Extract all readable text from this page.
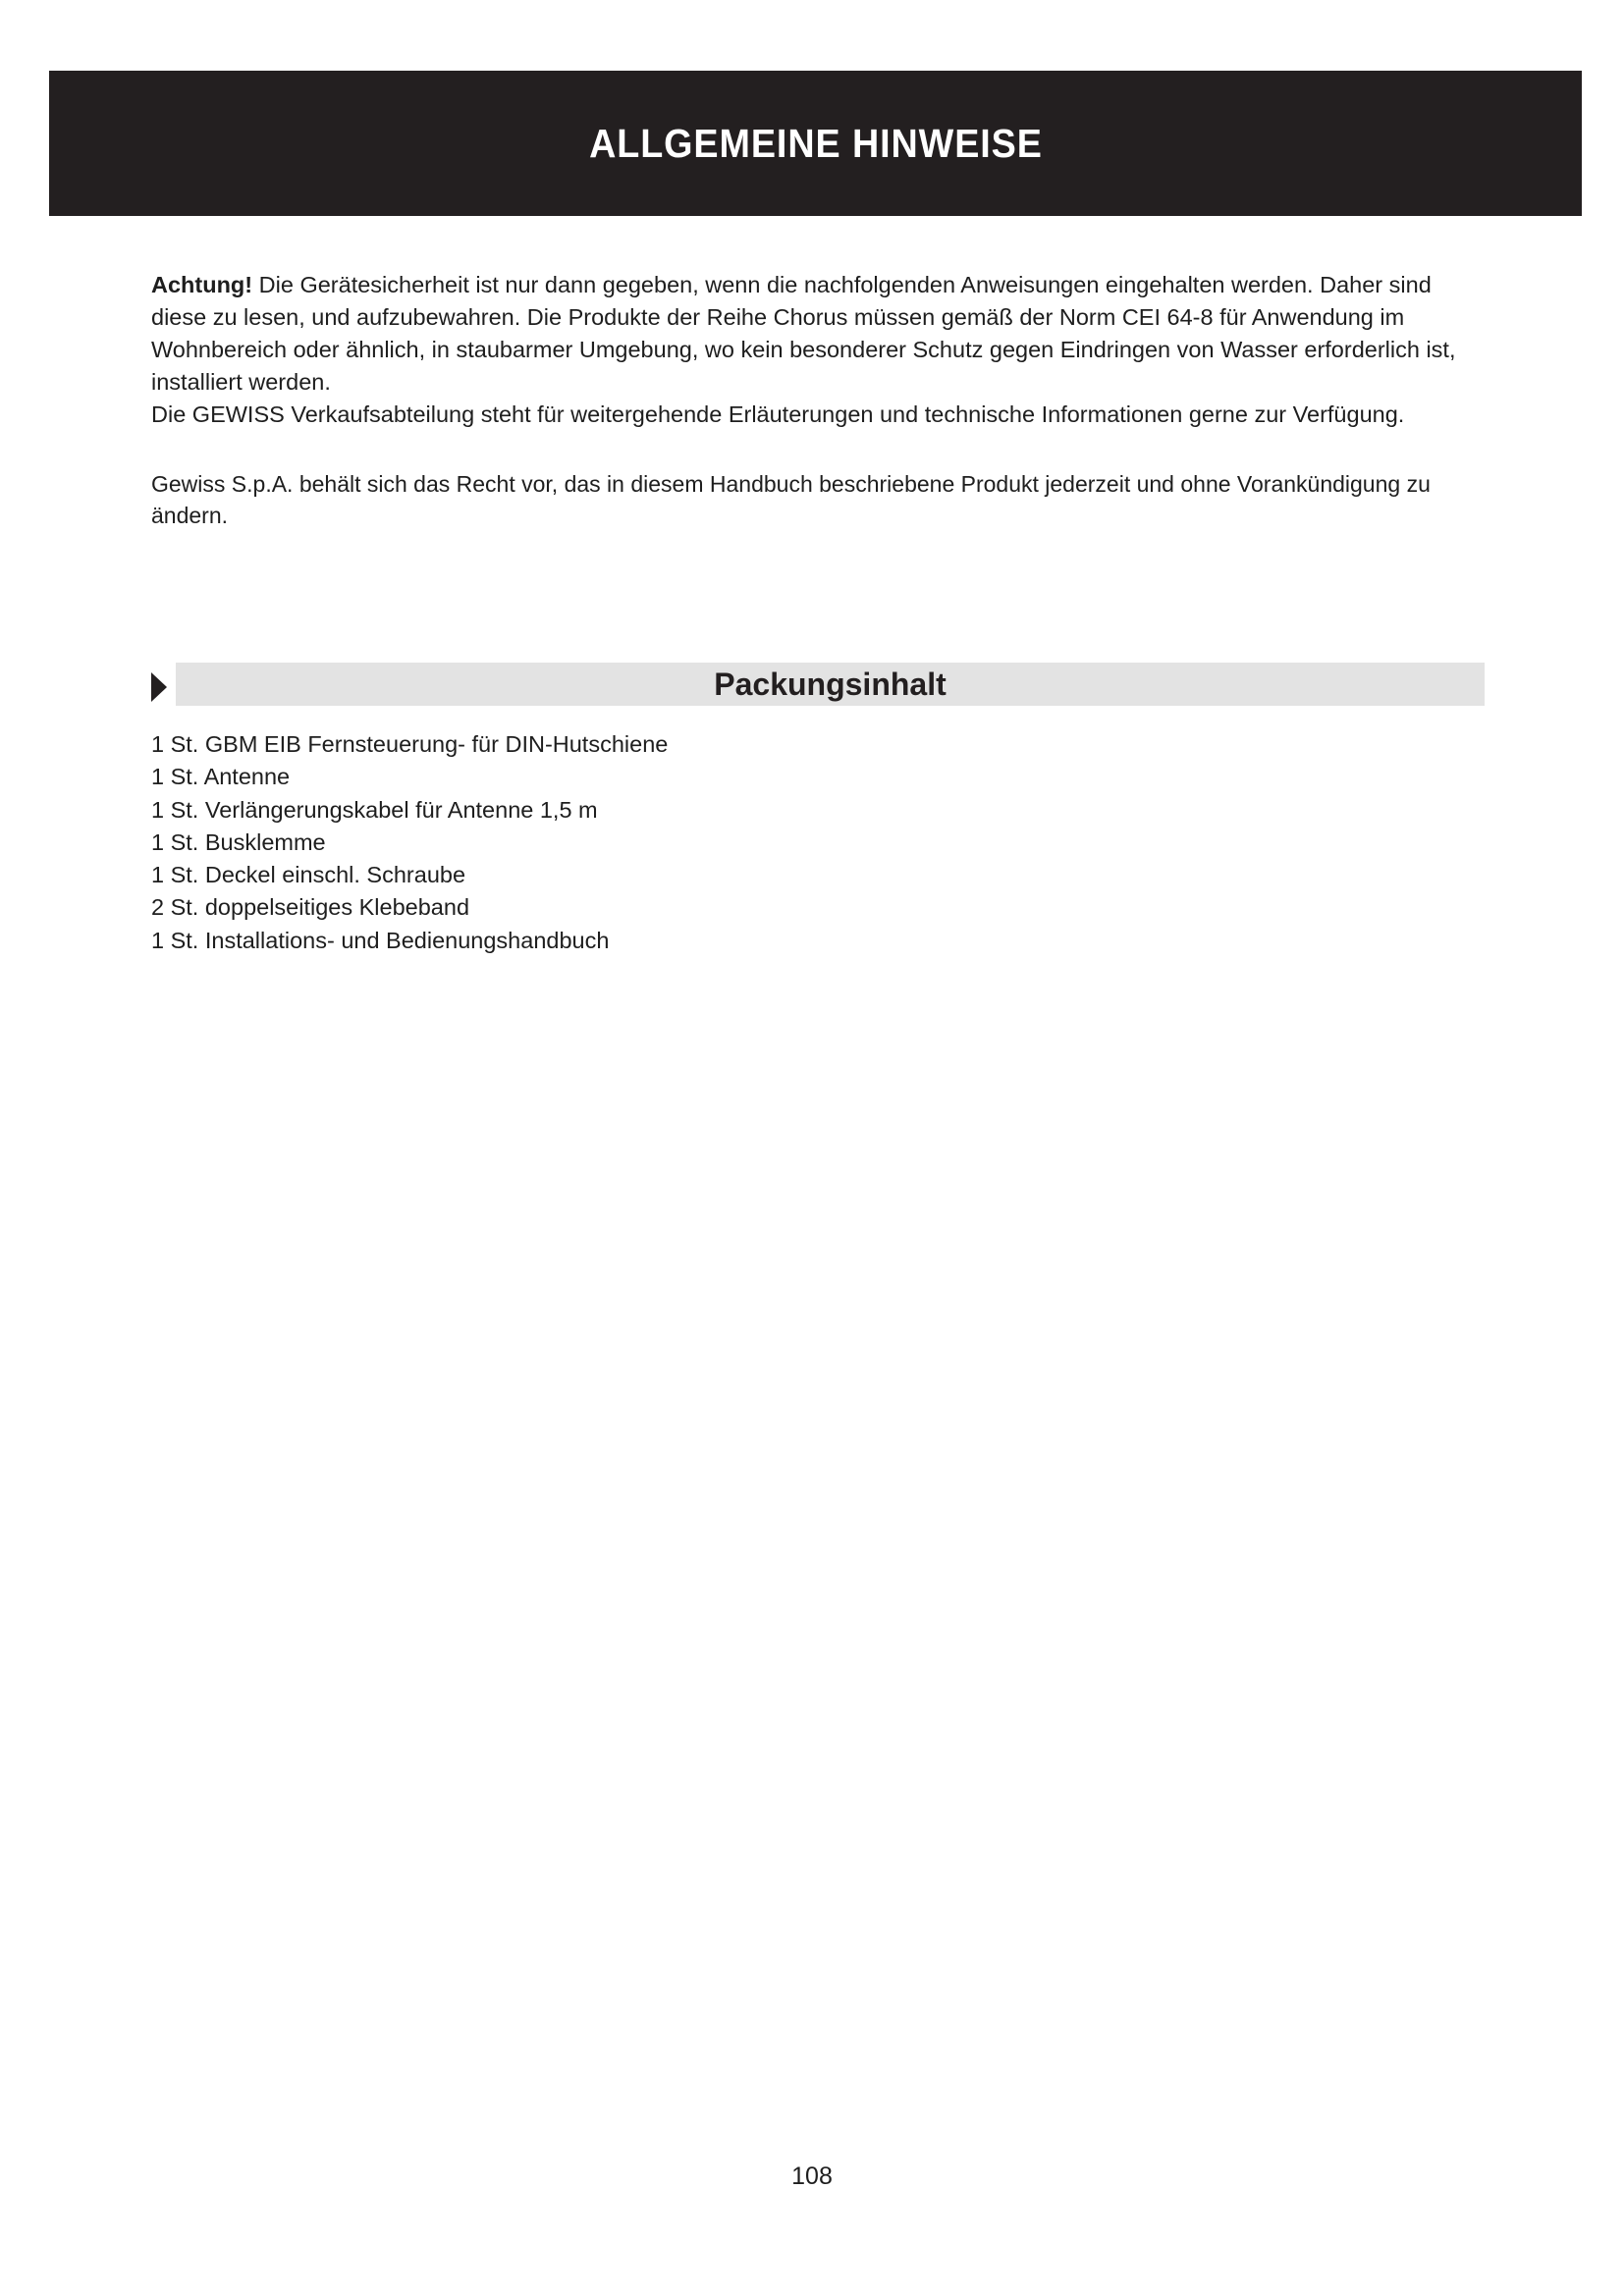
ALLGEMEINE HINWEISE

Achtung! Die Gerätesicherheit ist nur dann gegeben, wenn die nachfolgenden Anweisungen eingehalten werden. Daher sind diese zu lesen, und aufzubewahren. Die Produkte der Reihe Chorus müssen gemäß der Norm CEI 64-8 für Anwendung im Wohnbereich oder ähnlich, in staubarmer Umgebung, wo kein besonderer Schutz gegen Eindringen von Wasser erforderlich ist, installiert werden.

Die GEWISS Verkaufsabteilung steht für weitergehende Erläuterungen und technische Informationen gerne zur Verfügung.

Gewiss S.p.A. behält sich das Recht vor, das in diesem Handbuch beschriebene Produkt jederzeit und ohne Vorankündigung zu ändern.

Packungsinhalt
1 St. GBM EIB Fernsteuerung- für DIN-Hutschiene
1 St. Antenne
1 St. Verlängerungskabel für Antenne 1,5 m
1 St. Busklemme
1 St. Deckel einschl. Schraube
2 St. doppelseitiges Klebeband
1 St. Installations- und Bedienungshandbuch
108
